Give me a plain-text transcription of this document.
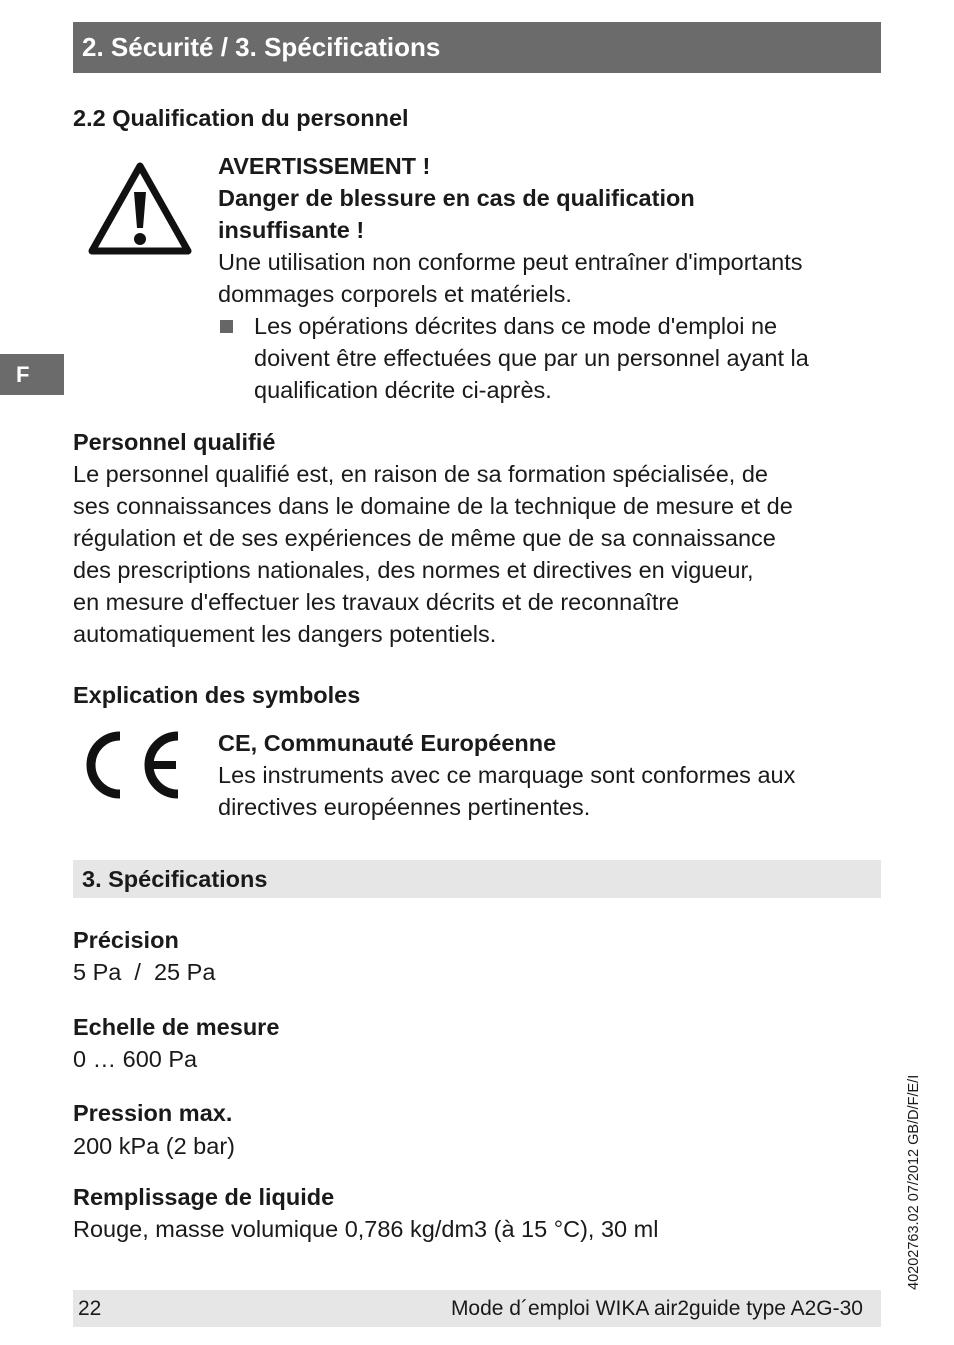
2. Sécurité / 3. Spécifications
F
2.2 Qualification du personnel
AVERTISSEMENT !
Danger de blessure en cas de qualification
insuffisante !
Une utilisation non conforme peut entraîner d'importants
dommages corporels et matériels.
Les opérations décrites dans ce mode d'emploi ne
doivent être effectuées que par un personnel ayant la
qualification décrite ci-après.
Personnel qualifié
Le personnel qualifié est, en raison de sa formation spécialisée, de
ses connaissances dans le domaine de la technique de mesure et de
régulation et de ses expériences de même que de sa connaissance
des prescriptions nationales, des normes et directives en vigueur,
en mesure d'effectuer les travaux décrits et de reconnaître
automatiquement les dangers potentiels.
Explication des symboles
CE, Communauté Européenne
Les instruments avec ce marquage sont conformes aux
directives européennes pertinentes.
3. Spécifications
Précision
5 Pa  /  25 Pa
Echelle de mesure
0 … 600 Pa
Pression max.
200 kPa (2 bar)
Remplissage de liquide
Rouge, masse volumique 0,786 kg/dm3 (à 15 °C), 30 ml	40202763.02 07/2012 GB/D/F/E/I
22	Mode d´emploi WIKA air2guide type A2G-30
